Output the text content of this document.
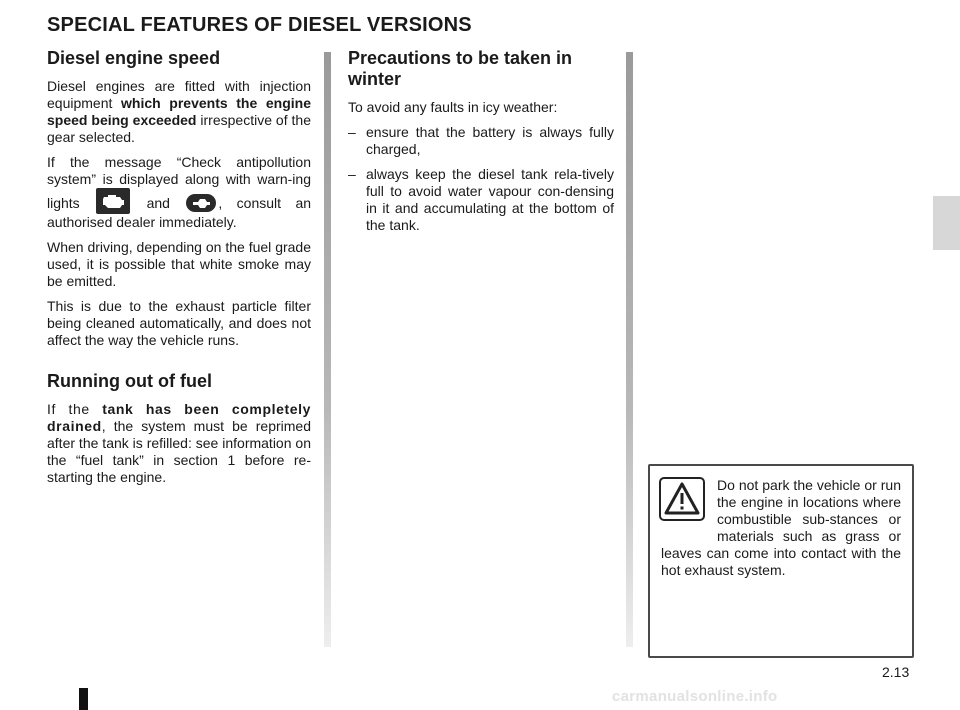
SPECIAL FEATURES OF DIESEL VERSIONS
Diesel engine speed

Diesel engines are fitted with injection equipment which prevents the engine speed being exceeded irrespective of the gear selected.

If the message “Check antipollution system” is displayed along with warn-ing lights	and	, consult an authorised dealer immediately.

When driving, depending on the fuel grade used, it is possible that white smoke may be emitted.

This is due to the exhaust particle filter being cleaned automatically, and does not affect the way the vehicle runs.

Running out of fuel

If the tank has been completely drained, the system must be reprimed after the tank is refilled: see information on the “fuel tank” in section 1 before re-starting the engine.

Precautions to be taken in winter

To avoid any faults in icy weather:

– ensure that the battery is always fully charged,
– always keep the diesel tank rela-tively full to avoid water vapour con-densing in it and accumulating at the bottom of the tank.
Do not park the vehicle or run the engine in locations where combustible sub-stances or materials such as grass or leaves can come into contact with the hot exhaust system.
2.13
carmanualsonline.info
